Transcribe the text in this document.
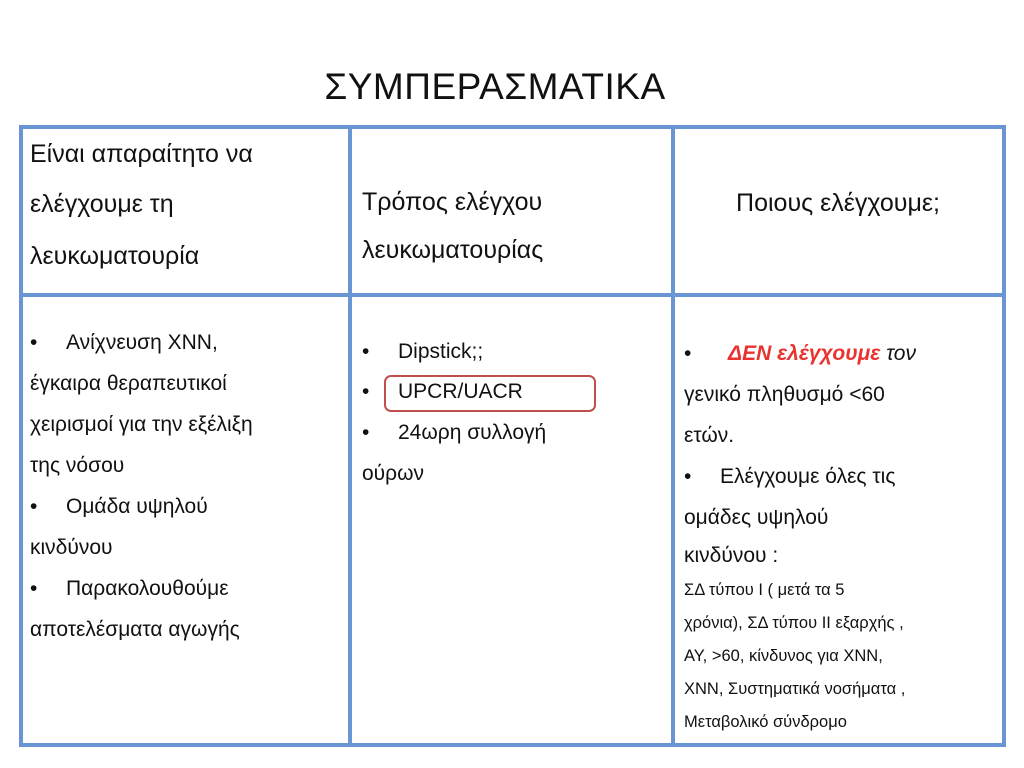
ΣΥΜΠΕΡΑΣΜΑΤΙΚΑ
Είναι απαραίτητο να
ελέγχουμε τη
λευκωματουρία
Τρόπος ελέγχου
λευκωματουρίας
Ποιους ελέγχουμε;
• Ανίχνευση ΧΝΝ,
έγκαιρα θεραπευτικοί
χειρισμοί για την εξέλιξη
της νόσου
• Ομάδα υψηλού
κινδύνου
• Παρακολουθούμε
αποτελέσματα αγωγής
• Dipstick;;
• UPCR/UACR
• 24ωρη συλλογή
ούρων
• ΔΕΝ ελέγχουμε τον
γενικό πληθυσμό <60
ετών.
• Ελέγχουμε όλες τις
ομάδες υψηλού
κινδύνου :
ΣΔ τύπου Ι ( μετά τα 5
χρόνια), ΣΔ τύπου ΙΙ εξαρχής ,
ΑΥ, >60, κίνδυνος για ΧΝΝ,
ΧΝΝ, Συστηματικά νοσήματα ,
Μεταβολικό σύνδρομο
